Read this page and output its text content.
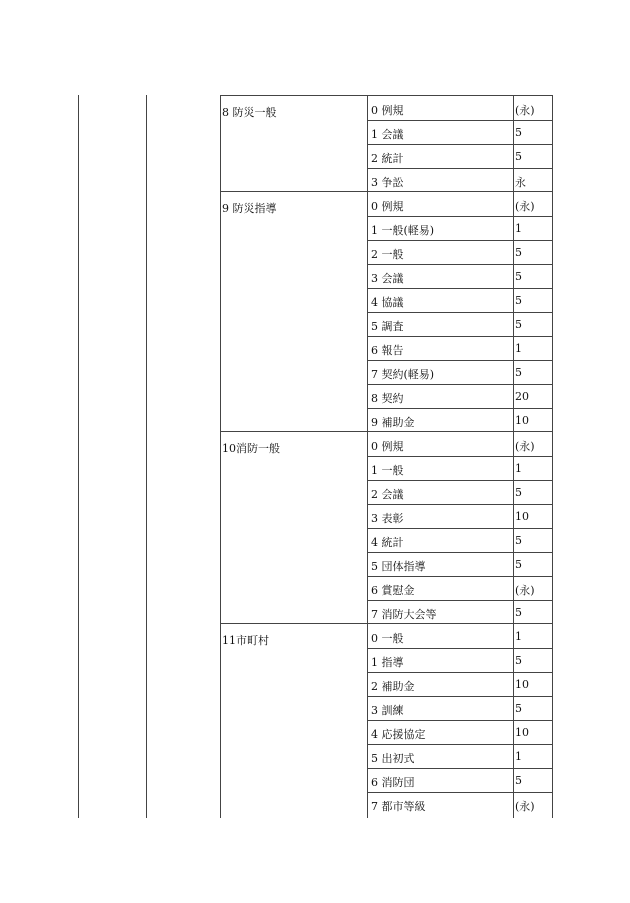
8 防災一般	0 例規	(永)
1 会議	5
2 統計	5
3 争訟	永
9 防災指導	0 例規	(永)
1 一般(軽易)	1
2 一般	5
3 会議	5
4 協議	5
5 調査	5
6 報告	1
7 契約(軽易)	5
8 契約	20
9 補助金	10
10消防一般	0 例規	(永)
1 一般	1
2 会議	5
3 表彰	10
4 統計	5
5 団体指導	5
6 賞慰金	(永)
7 消防大会等	5
11市町村	0 一般	1
1 指導	5
2 補助金	10
3 訓練	5
4 応援協定	10
5 出初式	1
6 消防団	5
7 都市等級	(永)
